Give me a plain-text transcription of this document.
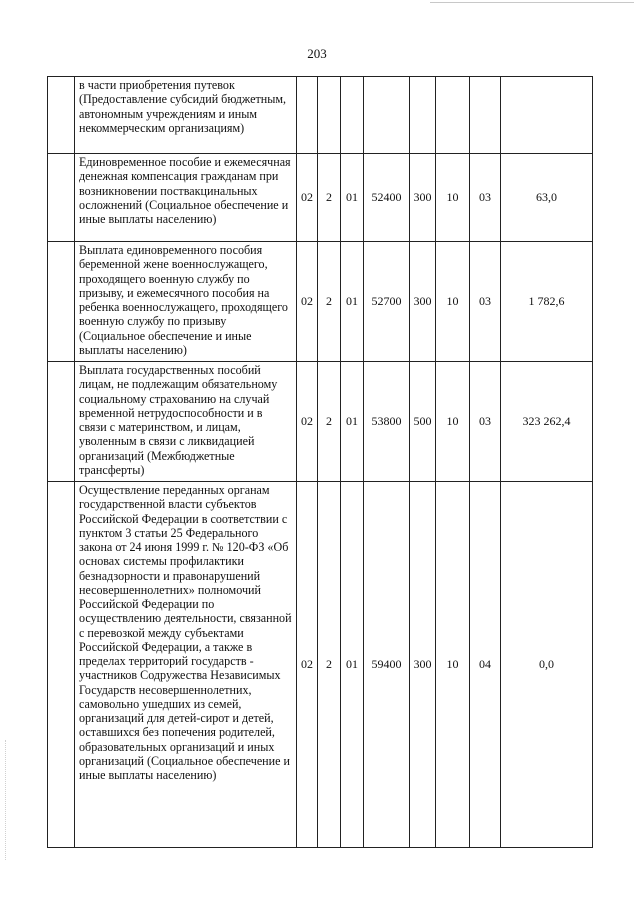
203
	в части приобретения путевок (Предоставление субсидий бюджетным, автономным учреждениям и иным некоммерческим организациям)								
	Единовременное пособие и ежемесячная денежная компенсация гражданам при возникновении поствакцинальных осложнений (Социальное обеспечение и иные выплаты населению)	02	2	01	52400	300	10	03	63,0
	Выплата единовременного пособия беременной жене военнослужащего, проходящего военную службу по призыву, и ежемесячного пособия на ребенка военнослужащего, проходящего военную службу по призыву (Социальное обеспечение и иные выплаты населению)	02	2	01	52700	300	10	03	1 782,6
	Выплата государственных пособий лицам, не подлежащим обязательному социальному страхованию на случай временной нетрудоспособности и в связи с материнством, и лицам, уволенным в связи с ликвидацией организаций (Межбюджетные трансферты)	02	2	01	53800	500	10	03	323 262,4
	Осуществление переданных органам государственной власти субъектов Российской Федерации в соответствии с пунктом 3 статьи 25 Федерального закона от 24 июня 1999 г. № 120-ФЗ «Об основах системы профилактики безнадзорности и правонарушений несовершеннолетних» полномочий Российской Федерации по осуществлению деятельности, связанной с перевозкой между субъектами Российской Федерации, а также в пределах территорий государств - участников Содружества Независимых Государств несовершеннолетних, самовольно ушедших из семей, организаций для детей-сирот и детей, оставшихся без попечения родителей, образовательных организаций и иных организаций (Социальное обеспечение и иные выплаты населению)	02	2	01	59400	300	10	04	0,0
